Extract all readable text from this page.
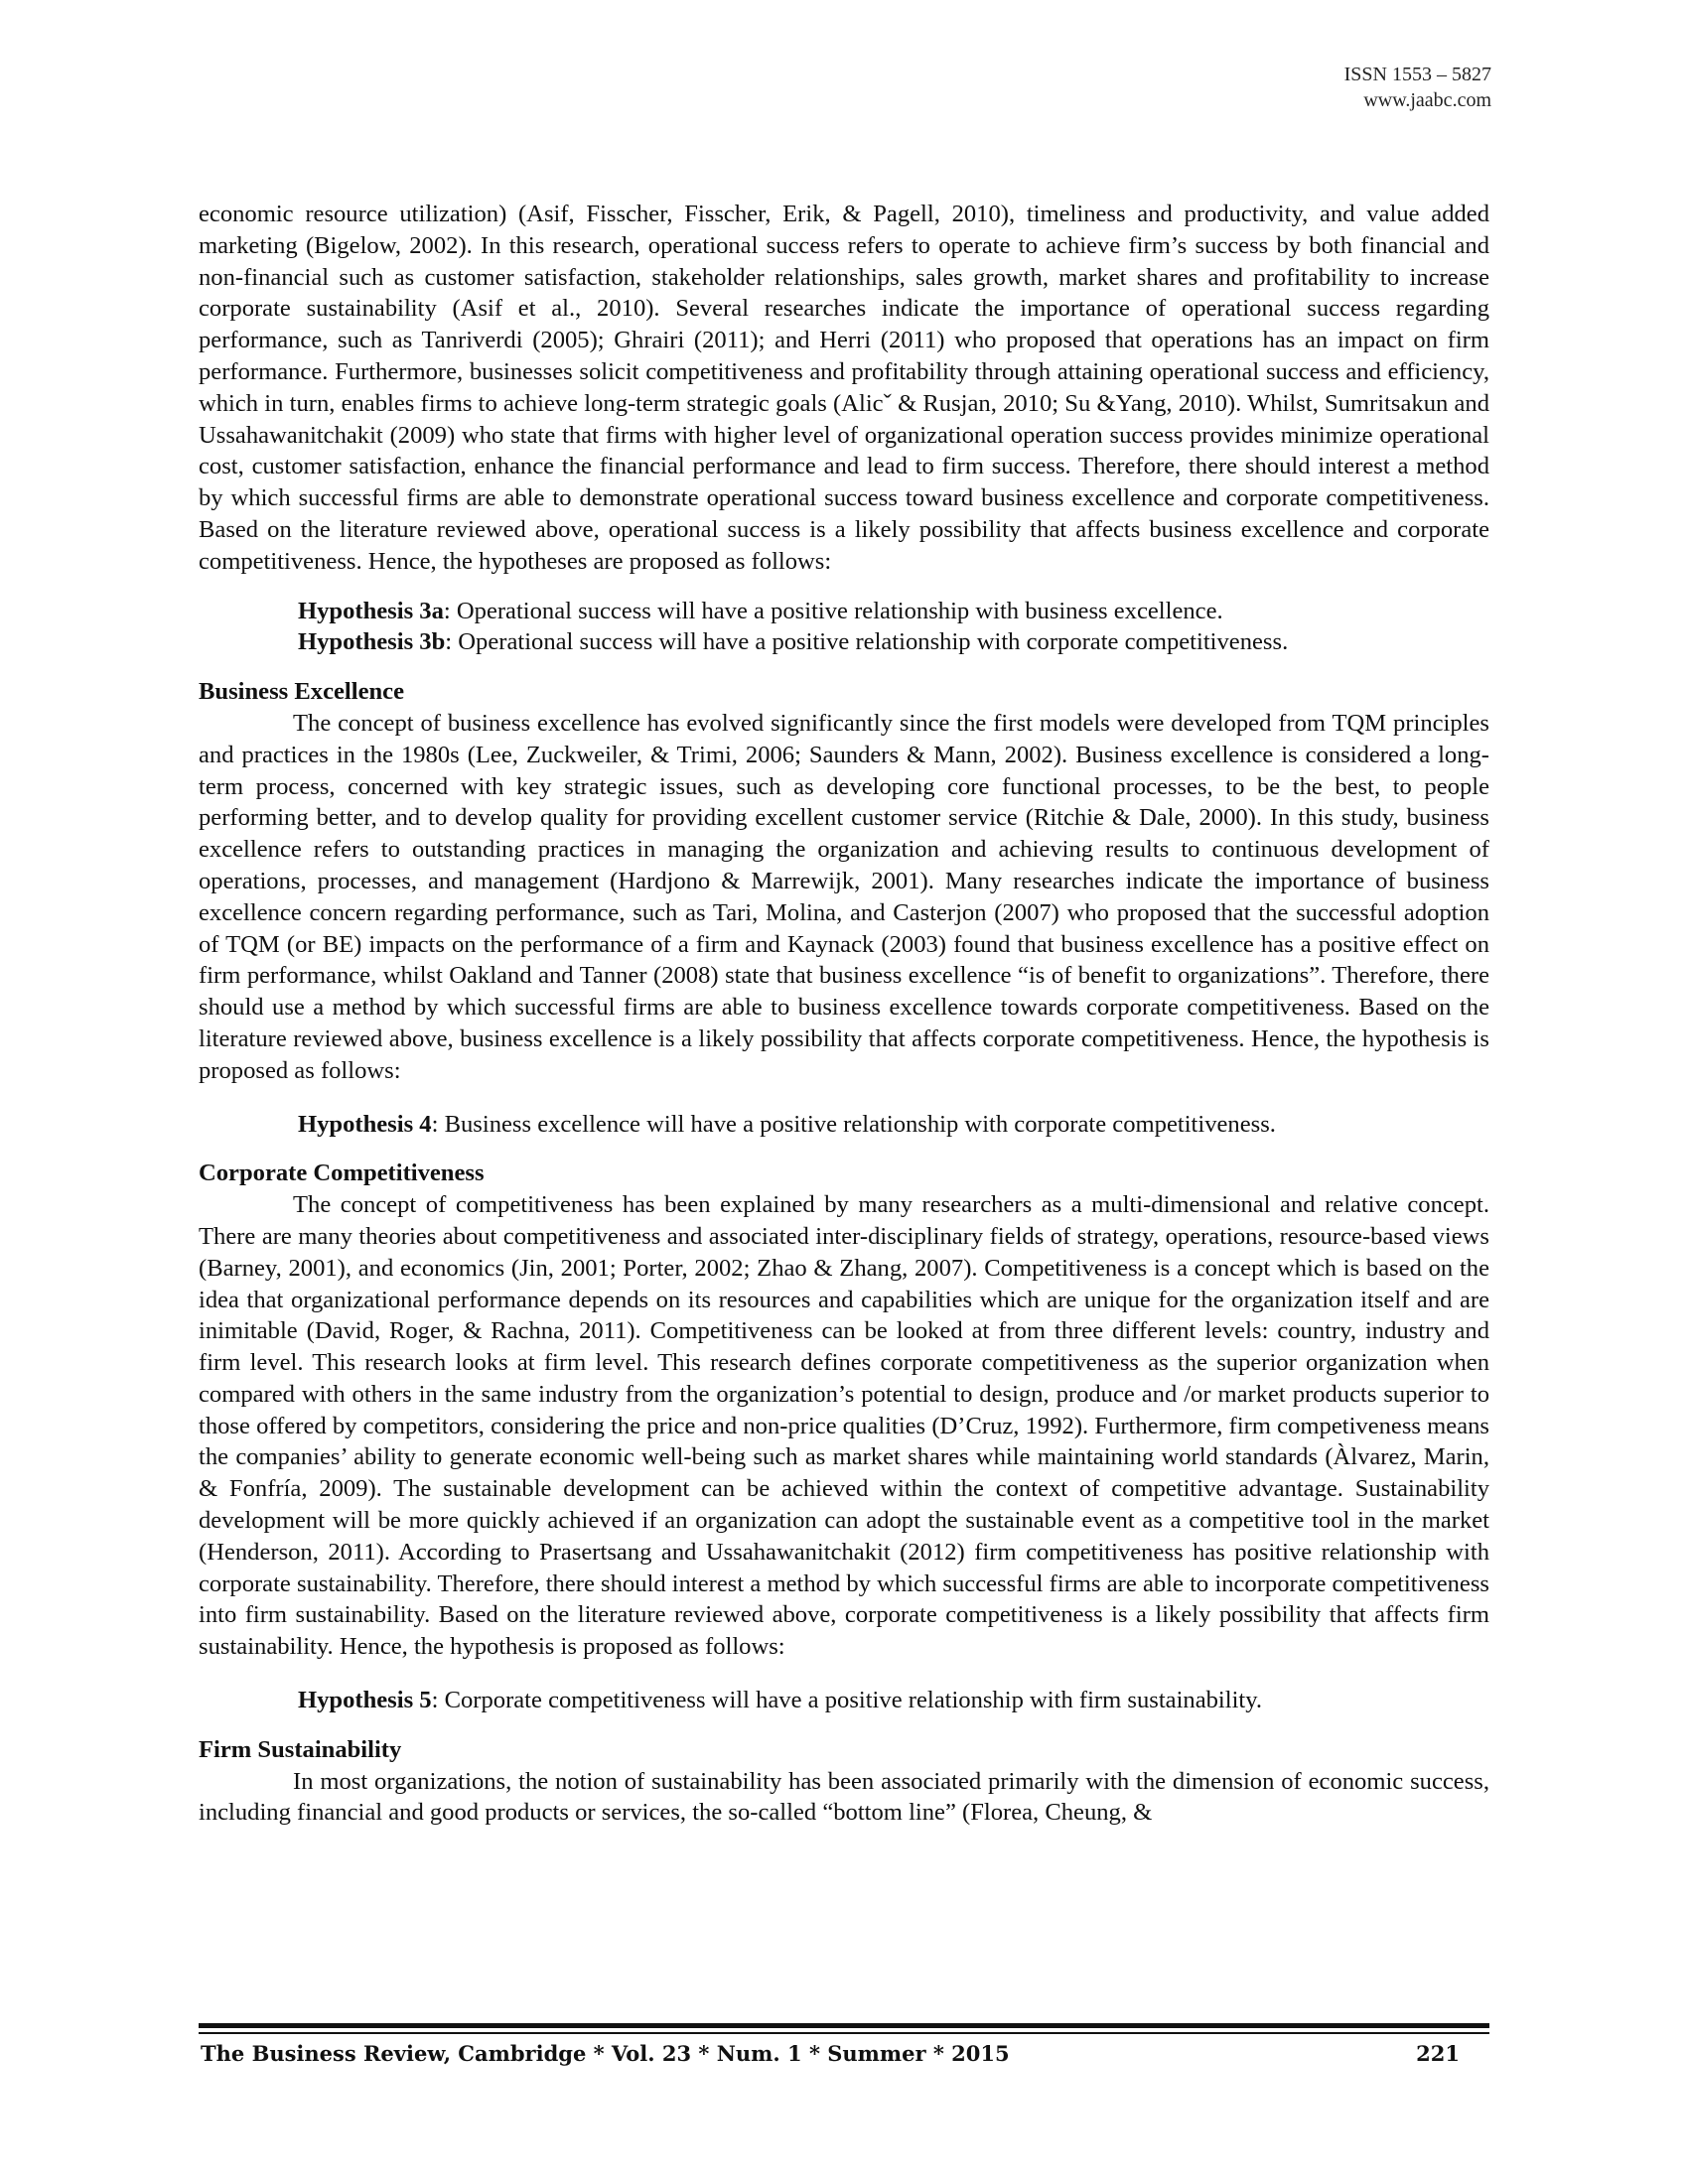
ISSN 1553 – 5827
www.jaabc.com

economic resource utilization) (Asif, Fisscher, Fisscher, Erik, & Pagell, 2010), timeliness and productivity, and value added marketing (Bigelow, 2002). In this research, operational success refers to operate to achieve firm’s success by both financial and non-financial such as customer satisfaction, stakeholder relationships, sales growth, market shares and profitability to increase corporate sustainability (Asif et al., 2010). Several researches indicate the importance of operational success regarding performance, such as Tanriverdi (2005); Ghrairi (2011); and Herri (2011) who proposed that operations has an impact on firm performance. Furthermore, businesses solicit competitiveness and profitability through attaining operational success and efficiency, which in turn, enables firms to achieve long-term strategic goals (Alicˇ & Rusjan, 2010; Su &Yang, 2010). Whilst, Sumritsakun and Ussahawanitchakit (2009) who state that firms with higher level of organizational operation success provides minimize operational cost, customer satisfaction, enhance the financial performance and lead to firm success. Therefore, there should interest a method by which successful firms are able to demonstrate operational success toward business excellence and corporate competitiveness. Based on the literature reviewed above, operational success is a likely possibility that affects business excellence and corporate competitiveness. Hence, the hypotheses are proposed as follows:

Hypothesis 3a: Operational success will have a positive relationship with business excellence.

Hypothesis 3b: Operational success will have a positive relationship with corporate competitiveness.

Business Excellence

The concept of business excellence has evolved significantly since the first models were developed from TQM principles and practices in the 1980s (Lee, Zuckweiler, & Trimi, 2006; Saunders & Mann, 2002). Business excellence is considered a long-term process, concerned with key strategic issues, such as developing core functional processes, to be the best, to people performing better, and to develop quality for providing excellent customer service (Ritchie & Dale, 2000). In this study, business excellence refers to outstanding practices in managing the organization and achieving results to continuous development of operations, processes, and management (Hardjono & Marrewijk, 2001). Many researches indicate the importance of business excellence concern regarding performance, such as Tari, Molina, and Casterjon (2007) who proposed that the successful adoption of TQM (or BE) impacts on the performance of a firm and Kaynack (2003) found that business excellence has a positive effect on firm performance, whilst Oakland and Tanner (2008) state that business excellence “is of benefit to organizations”. Therefore, there should use a method by which successful firms are able to business excellence towards corporate competitiveness. Based on the literature reviewed above, business excellence is a likely possibility that affects corporate competitiveness. Hence, the hypothesis is proposed as follows:

Hypothesis 4: Business excellence will have a positive relationship with corporate competitiveness.

Corporate Competitiveness

The concept of competitiveness has been explained by many researchers as a multi-dimensional and relative concept. There are many theories about competitiveness and associated inter-disciplinary fields of strategy, operations, resource-based views (Barney, 2001), and economics (Jin, 2001; Porter, 2002; Zhao & Zhang, 2007). Competitiveness is a concept which is based on the idea that organizational performance depends on its resources and capabilities which are unique for the organization itself and are inimitable (David, Roger, & Rachna, 2011). Competitiveness can be looked at from three different levels: country, industry and firm level. This research looks at firm level. This research defines corporate competitiveness as the superior organization when compared with others in the same industry from the organization’s potential to design, produce and /or market products superior to those offered by competitors, considering the price and non-price qualities (D’Cruz, 1992). Furthermore, firm competiveness means the companies’ ability to generate economic well-being such as market shares while maintaining world standards (Àlvarez, Marin, & Fonfría, 2009). The sustainable development can be achieved within the context of competitive advantage. Sustainability development will be more quickly achieved if an organization can adopt the sustainable event as a competitive tool in the market (Henderson, 2011). According to Prasertsang and Ussahawanitchakit (2012) firm competitiveness has positive relationship with corporate sustainability. Therefore, there should interest a method by which successful firms are able to incorporate competitiveness into firm sustainability. Based on the literature reviewed above, corporate competitiveness is a likely possibility that affects firm sustainability. Hence, the hypothesis is proposed as follows:

Hypothesis 5: Corporate competitiveness will have a positive relationship with firm sustainability.

Firm Sustainability

In most organizations, the notion of sustainability has been associated primarily with the dimension of economic success, including financial and good products or services, the so-called “bottom line” (Florea, Cheung, &

The Business Review, Cambridge * Vol. 23 * Num. 1 * Summer * 2015	221
